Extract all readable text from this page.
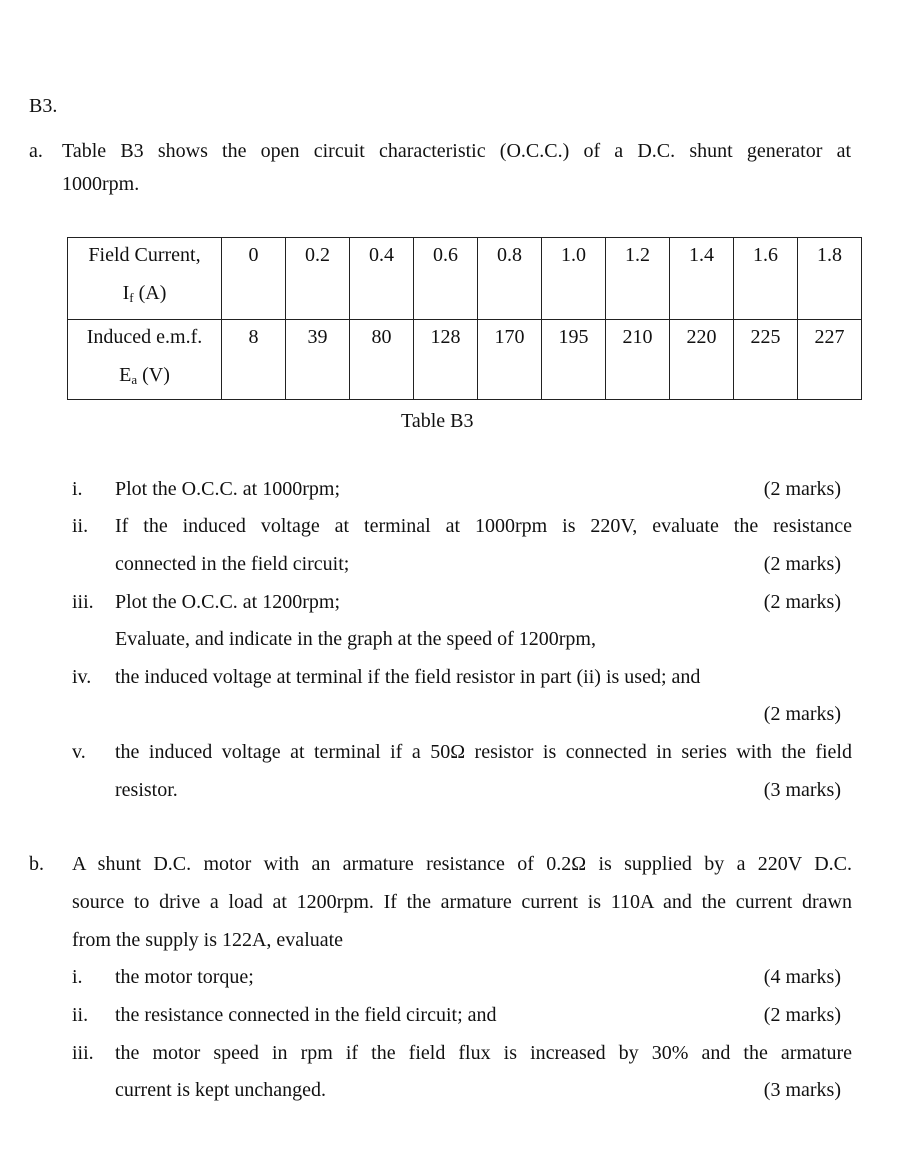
B3.
a. Table B3 shows the open circuit characteristic (O.C.C.) of a D.C. shunt generator at
1000rpm.
Field Current,
$I_f$ (A)	0	0.2	0.4	0.6	0.8	1.0	1.2	1.4	1.6	1.8

Induced e.m.f.
$E_a$ (V)	8	39	80	128	170	195	210	220	225	227
Table B3
i. Plot the O.C.C. at 1000rpm;	(2 marks)
ii. If the induced voltage at terminal at 1000rpm is 220V, evaluate the resistance
connected in the field circuit;	(2 marks)
iii. Plot the O.C.C. at 1200rpm;	(2 marks)
Evaluate, and indicate in the graph at the speed of 1200rpm,
iv. the induced voltage at terminal if the field resistor in part (ii) is used; and
(2 marks)
v. the induced voltage at terminal if a 50Ω resistor is connected in series with the field
resistor.	(3 marks)
b. A shunt D.C. motor with an armature resistance of 0.2Ω is supplied by a 220V D.C.
source to drive a load at 1200rpm. If the armature current is 110A and the current drawn
from the supply is 122A, evaluate
i. the motor torque;	(4 marks)
ii. the resistance connected in the field circuit; and	(2 marks)
iii. the motor speed in rpm if the field flux is increased by 30% and the armature
current is kept unchanged.	(3 marks)
